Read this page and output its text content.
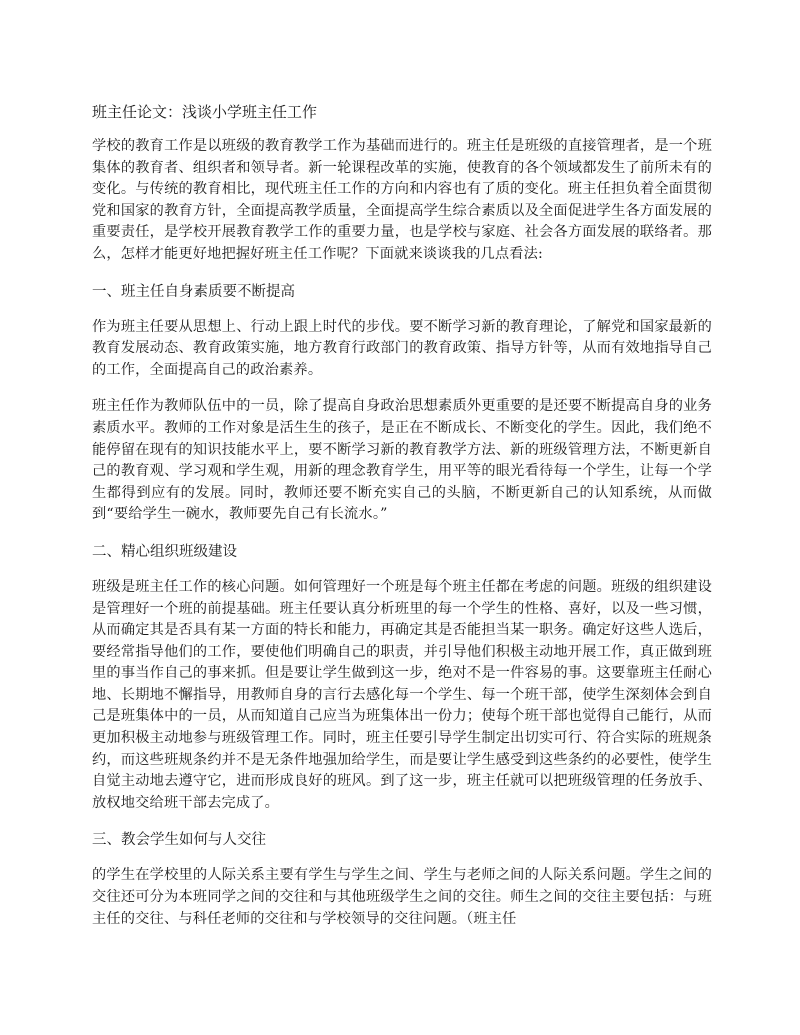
班主任论文：浅谈小学班主任工作

学校的教育工作是以班级的教育教学工作为基础而进行的。班主任是班级的直接管理者，是一个班集体的教育者、组织者和领导者。新一轮课程改革的实施，使教育的各个领域都发生了前所未有的变化。与传统的教育相比，现代班主任工作的方向和内容也有了质的变化。班主任担负着全面贯彻党和国家的教育方针，全面提高教学质量，全面提高学生综合素质以及全面促进学生各方面发展的重要责任，是学校开展教育教学工作的重要力量，也是学校与家庭、社会各方面发展的联络者。那么，怎样才能更好地把握好班主任工作呢？下面就来谈谈我的几点看法:

一、班主任自身素质要不断提高

作为班主任要从思想上、行动上跟上时代的步伐。要不断学习新的教育理论，了解党和国家最新的教育发展动态、教育政策实施，地方教育行政部门的教育政策、指导方针等，从而有效地指导自己的工作，全面提高自己的政治素养。

班主任作为教师队伍中的一员，除了提高自身政治思想素质外更重要的是还要不断提高自身的业务素质水平。教师的工作对象是活生生的孩子，是正在不断成长、不断变化的学生。因此，我们绝不能停留在现有的知识技能水平上，要不断学习新的教育教学方法、新的班级管理方法，不断更新自己的教育观、学习观和学生观，用新的理念教育学生，用平等的眼光看待每一个学生，让每一个学生都得到应有的发展。同时，教师还要不断充实自己的头脑，不断更新自己的认知系统，从而做到“要给学生一碗水，教师要先自己有长流水。”

二、精心组织班级建设

班级是班主任工作的核心问题。如何管理好一个班是每个班主任都在考虑的问题。班级的组织建设是管理好一个班的前提基础。班主任要认真分析班里的每一个学生的性格、喜好，以及一些习惯，从而确定其是否具有某一方面的特长和能力，再确定其是否能担当某一职务。确定好这些人选后，要经常指导他们的工作，要使他们明确自己的职责，并引导他们积极主动地开展工作，真正做到班里的事当作自己的事来抓。但是要让学生做到这一步，绝对不是一件容易的事。这要靠班主任耐心地、长期地不懈指导，用教师自身的言行去感化每一个学生、每一个班干部，使学生深刻体会到自己是班集体中的一员，从而知道自己应当为班集体出一份力；使每个班干部也觉得自己能行，从而更加积极主动地参与班级管理工作。同时，班主任要引导学生制定出切实可行、符合实际的班规条约，而这些班规条约并不是无条件地强加给学生，而是要让学生感受到这些条约的必要性，使学生自觉主动地去遵守它，进而形成良好的班风。到了这一步，班主任就可以把班级管理的任务放手、放权地交给班干部去完成了。

三、教会学生如何与人交往

的学生在学校里的人际关系主要有学生与学生之间、学生与老师之间的人际关系问题。学生之间的交往还可分为本班同学之间的交往和与其他班级学生之间的交往。师生之间的交往主要包括：与班主任的交往、与科任老师的交往和与学校领导的交往问题。（班主任
